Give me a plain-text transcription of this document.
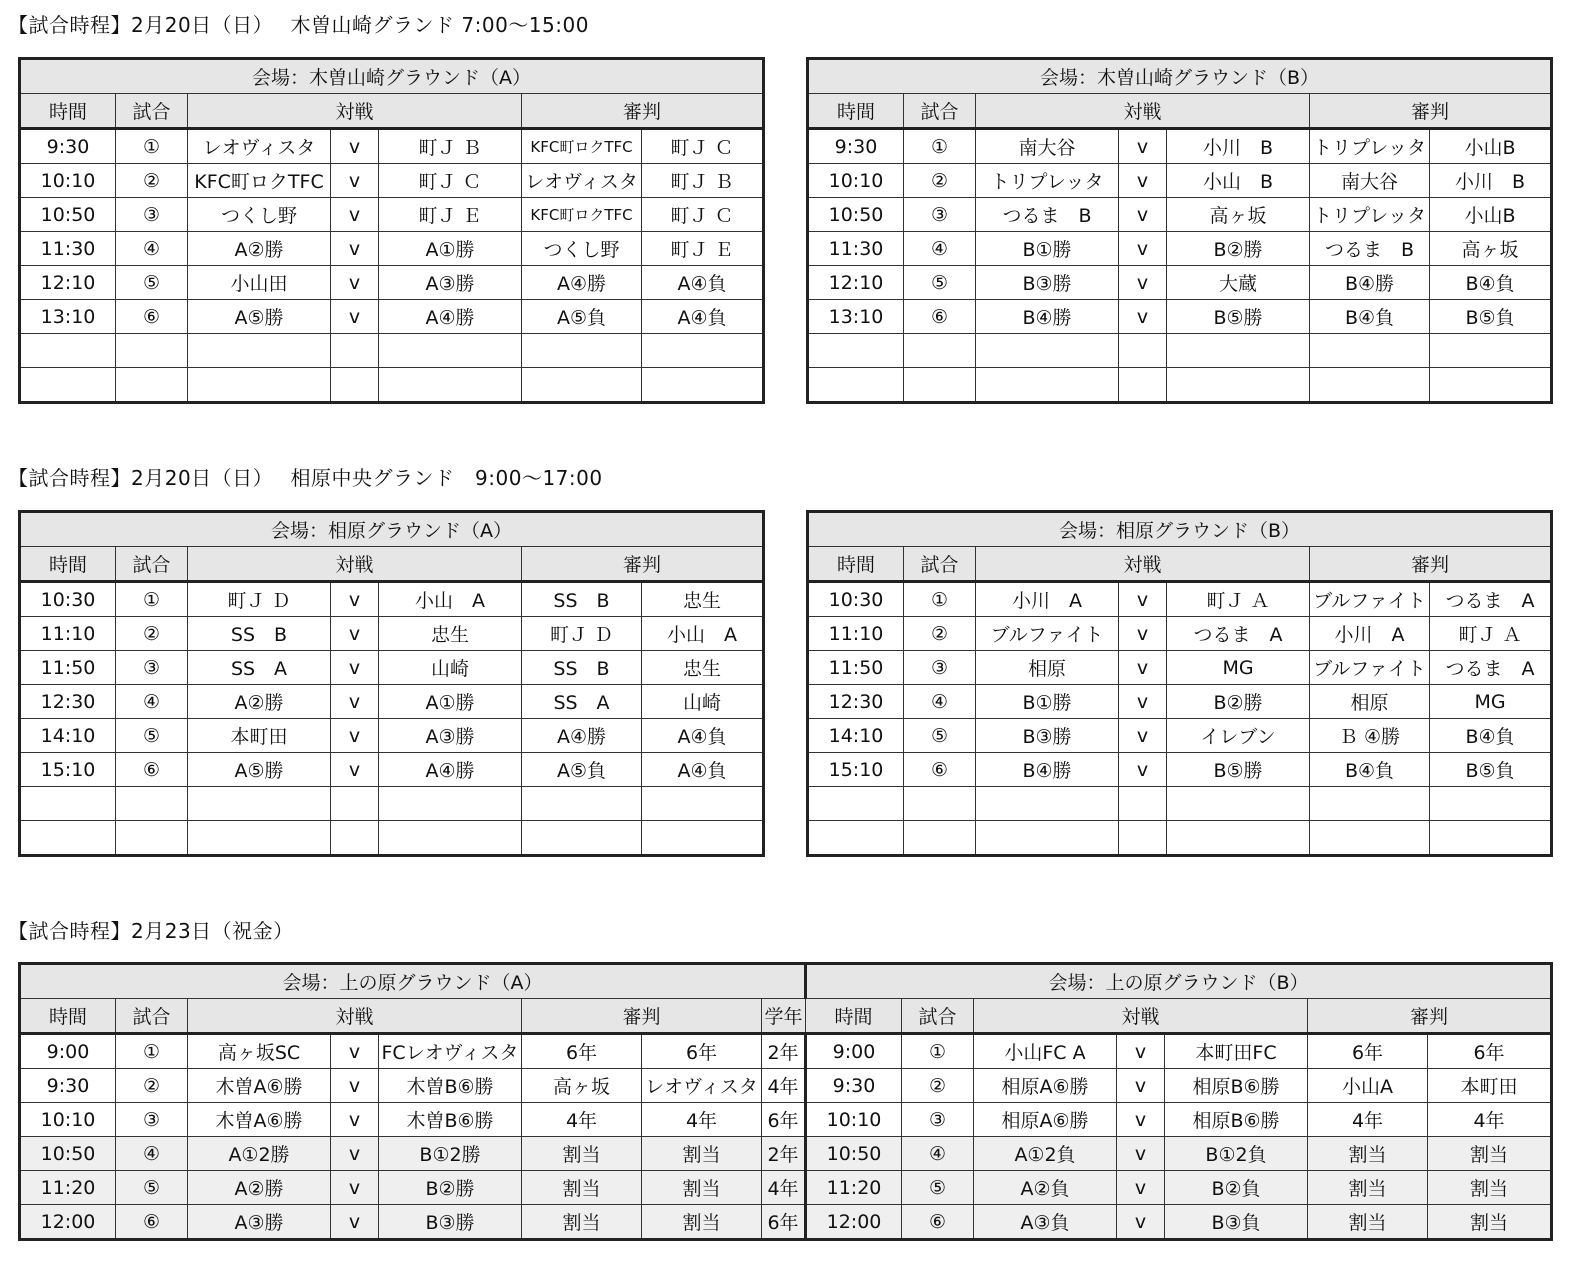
【試合時程】2月20日（日）　 木曽山崎グランド 7:00～15:00
【試合時程】2月20日（日）　 相原中央グランド　9:00～17:00
【試合時程】2月23日（祝金）
会場：木曽山崎グラウンド（A）						
時間	試合	対戦			審判	
9:30	①	レオヴィスタ	v	町Ｊ Ｂ	KFC町ロクTFC	町Ｊ Ｃ
10:10	②	KFC町ロクTFC	v	町Ｊ Ｃ	レオヴィスタ	町Ｊ Ｂ
10:50	③	つくし野	v	町Ｊ Ｅ	KFC町ロクTFC	町Ｊ Ｃ
11:30	④	A②勝	v	A①勝	つくし野	町Ｊ Ｅ
12:10	⑤	小山田	v	A③勝	A④勝	A④負
13:10	⑥	A⑤勝	v	A④勝	A⑤負	A④負

会場：木曽山崎グラウンド（B）						
時間	試合	対戦			審判	
9:30	①	南大谷	v	小川　B	トリプレッタ	小山B
10:10	②	トリプレッタ	v	小山　B	南大谷	小川　B
10:50	③	つるま　B	v	高ヶ坂	トリプレッタ	小山B
11:30	④	B①勝	v	B②勝	つるま　B	高ヶ坂
12:10	⑤	B③勝	v	大蔵	B④勝	B④負
13:10	⑥	B④勝	v	B⑤勝	B④負	B⑤負

会場：相原グラウンド（A）						
時間	試合	対戦			審判	
10:30	①	町Ｊ Ｄ	v	小山　A	SS　B	忠生
11:10	②	SS　B	v	忠生	町Ｊ Ｄ	小山　A
11:50	③	SS　A	v	山崎	SS　B	忠生
12:30	④	A②勝	v	A①勝	SS　A	山崎
14:10	⑤	本町田	v	A③勝	A④勝	A④負
15:10	⑥	A⑤勝	v	A④勝	A⑤負	A④負

会場：相原グラウンド（B）						
時間	試合	対戦			審判	
10:30	①	小川　A	v	町Ｊ Ａ	ブルファイト	つるま　A
11:10	②	ブルファイト	v	つるま　A	小川　A	町Ｊ Ａ
11:50	③	相原	v	MG	ブルファイト	つるま　A
12:30	④	B①勝	v	B②勝	相原	MG
14:10	⑤	B③勝	v	イレブン	Ｂ ④勝	B④負
15:10	⑥	B④勝	v	B⑤勝	B④負	B⑤負

会場：上の原グラウンド（A）								会場：上の原グラウンド（B）						
時間	試合	対戦			審判		学年	時間	試合	対戦			審判	
9:00	①	高ヶ坂SC	v	FCレオヴィスタ	6年	6年	2年	9:00	①	小山FC A	v	本町田FC	6年	6年
9:30	②	木曽A⑥勝	v	木曽B⑥勝	高ヶ坂	レオヴィスタ	4年	9:30	②	相原A⑥勝	v	相原B⑥勝	小山A	本町田
10:10	③	木曽A⑥勝	v	木曽B⑥勝	4年	4年	6年	10:10	③	相原A⑥勝	v	相原B⑥勝	4年	4年
10:50	④	A①2勝	v	B①2勝	割当	割当	2年	10:50	④	A①2負	v	B①2負	割当	割当
11:20	⑤	A②勝	v	B②勝	割当	割当	4年	11:20	⑤	A②負	v	B②負	割当	割当
12:00	⑥	A③勝	v	B③勝	割当	割当	6年	12:00	⑥	A③負	v	B③負	割当	割当
